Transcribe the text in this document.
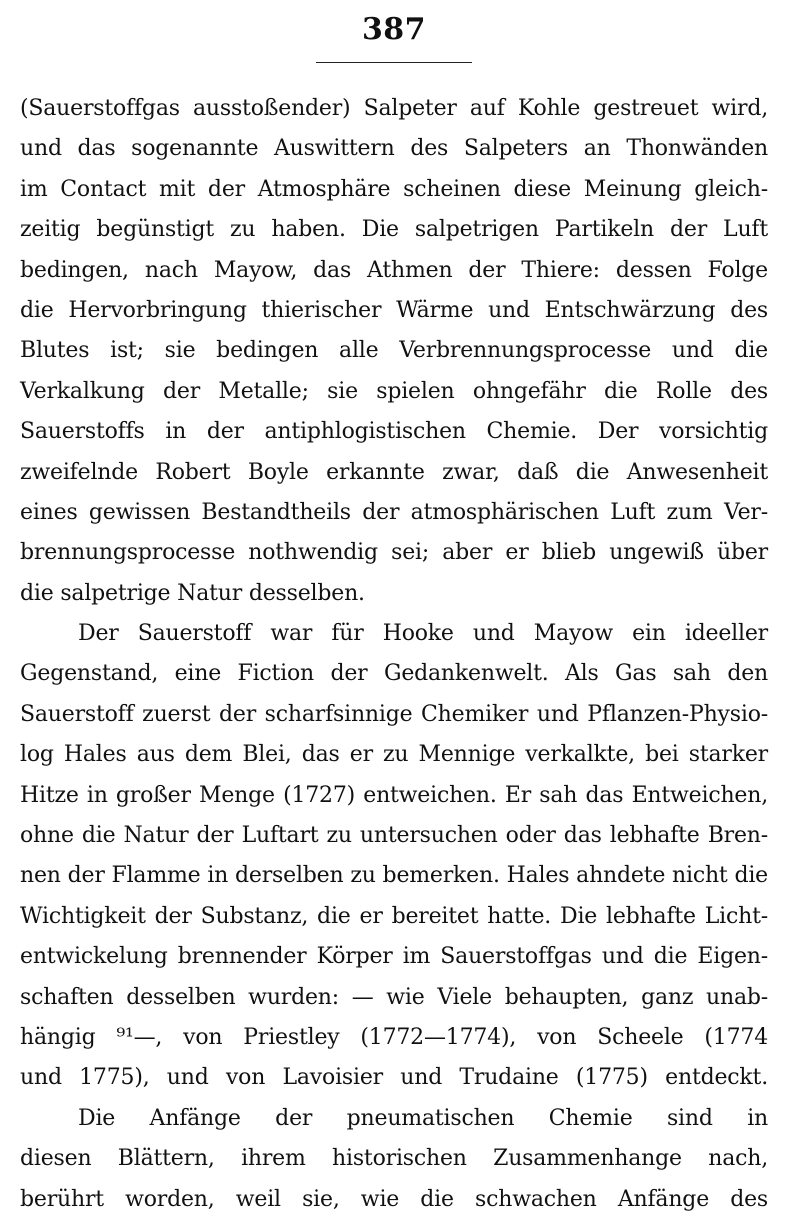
387
(Sauerstoffgas ausstoßender) Salpeter auf Kohle gestreuet wird,
und das sogenannte Auswittern des Salpeters an Thonwänden
im Contact mit der Atmosphäre scheinen diese Meinung gleich-
zeitig begünstigt zu haben. Die salpetrigen Partikeln der Luft
bedingen, nach Mayow, das Athmen der Thiere: dessen Folge
die Hervorbringung thierischer Wärme und Entschwärzung des
Blutes ist; sie bedingen alle Verbrennungsprocesse und die
Verkalkung der Metalle; sie spielen ohngefähr die Rolle des
Sauerstoffs in der antiphlogistischen Chemie. Der vorsichtig
zweifelnde Robert Boyle erkannte zwar, daß die Anwesenheit
eines gewissen Bestandtheils der atmosphärischen Luft zum Ver-
brennungsprocesse nothwendig sei; aber er blieb ungewiß über
die salpetrige Natur desselben.
Der Sauerstoff war für Hooke und Mayow ein ideeller
Gegenstand, eine Fiction der Gedankenwelt. Als Gas sah den
Sauerstoff zuerst der scharfsinnige Chemiker und Pflanzen-Physio-
log Hales aus dem Blei, das er zu Mennige verkalkte, bei starker
Hitze in großer Menge (1727) entweichen. Er sah das Entweichen,
ohne die Natur der Luftart zu untersuchen oder das lebhafte Bren-
nen der Flamme in derselben zu bemerken. Hales ahndete nicht die
Wichtigkeit der Substanz, die er bereitet hatte. Die lebhafte Licht-
entwickelung brennender Körper im Sauerstoffgas und die Eigen-
schaften desselben wurden: — wie Viele behaupten, ganz unab-
hängig ⁹¹—, von Priestley (1772—1774), von Scheele (1774
und 1775), und von Lavoisier und Trudaine (1775) entdeckt.
Die Anfänge der pneumatischen Chemie sind in
diesen Blättern, ihrem historischen Zusammenhange nach,
berührt worden, weil sie, wie die schwachen Anfänge des
